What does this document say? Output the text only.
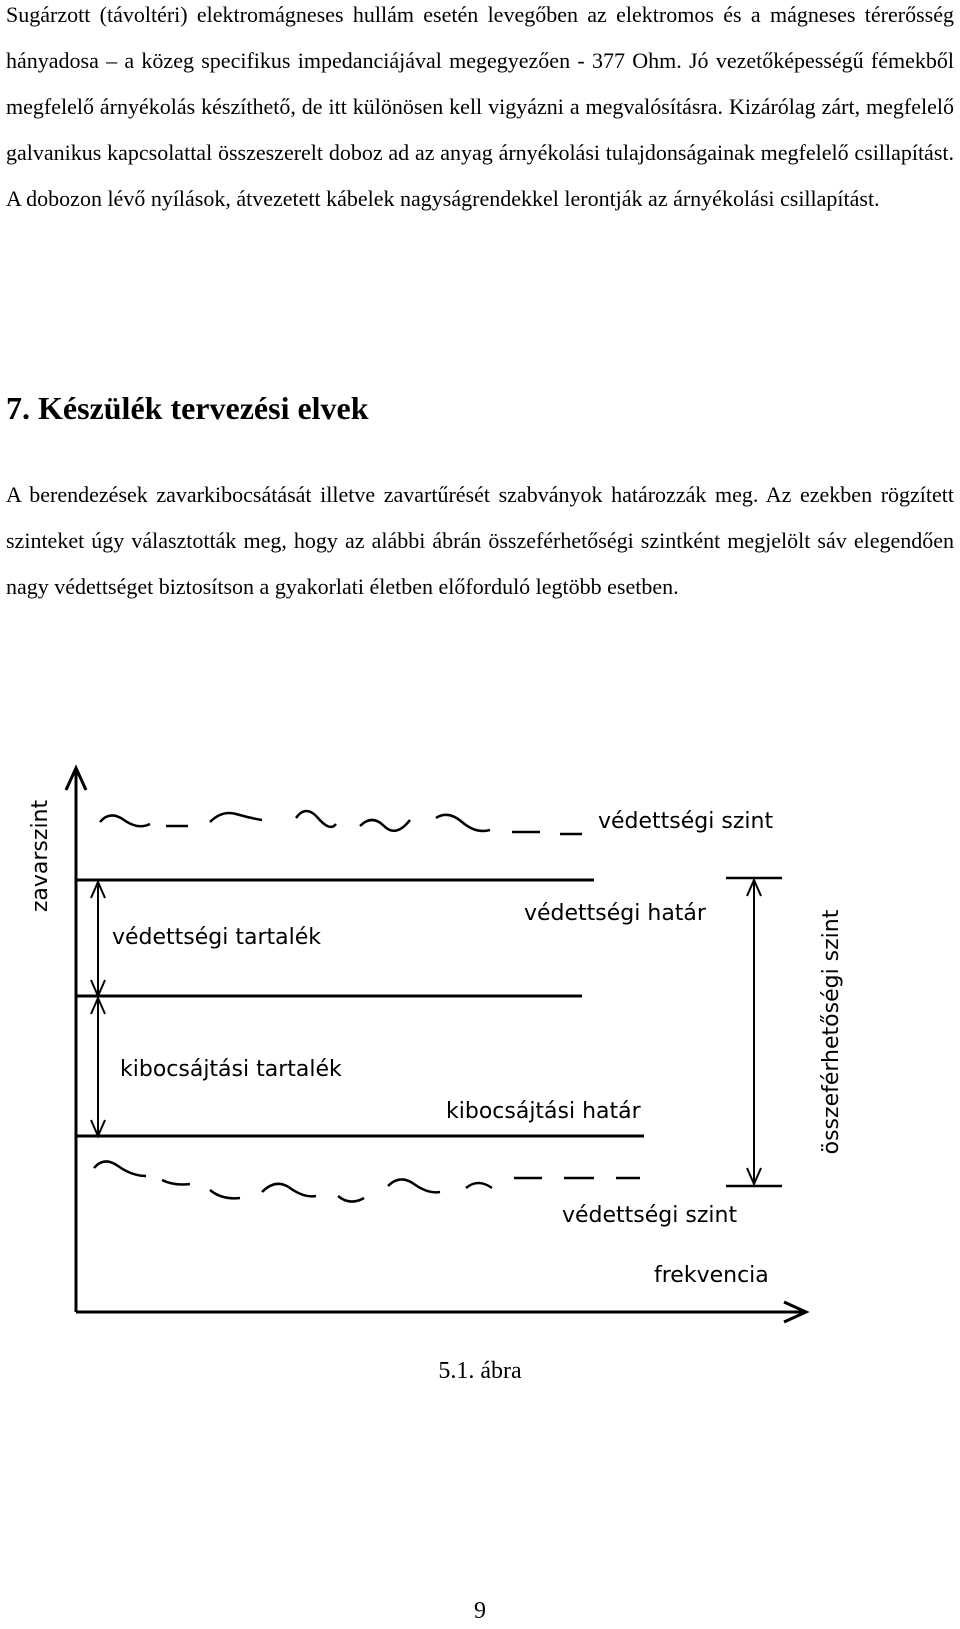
Sugárzott (távoltéri) elektromágneses hullám esetén levegőben az elektromos és a mágneses térerősség hányadosa – a közeg specifikus impedanciájával megegyezően - 377 Ohm. Jó vezetőképességű fémekből megfelelő árnyékolás készíthető, de itt különösen kell vigyázni a megvalósításra. Kizárólag zárt, megfelelő galvanikus kapcsolattal összeszerelt doboz ad az anyag árnyékolási tulajdonságainak megfelelő csillapítást. A dobozon lévő nyílások, átvezetett kábelek nagyságrendekkel lerontják az árnyékolási csillapítást.

7. Készülék tervezési elvek

A berendezések zavarkibocsátását illetve zavartűrését szabványok határozzák meg. Az ezekben rögzített szinteket úgy választották meg, hogy az alábbi ábrán összeférhetőségi szintként megjelölt sáv elegendően nagy védettséget biztosítson a gyakorlati életben előforduló legtöbb esetben.

zavarszint	védettségi szint
védettségi határ
védettségi tartalék
kibocsájtási tartalék
kibocsájtási határ	összeférhetőségi szint
védettségi szint
frekvencia

5.1. ábra

9
